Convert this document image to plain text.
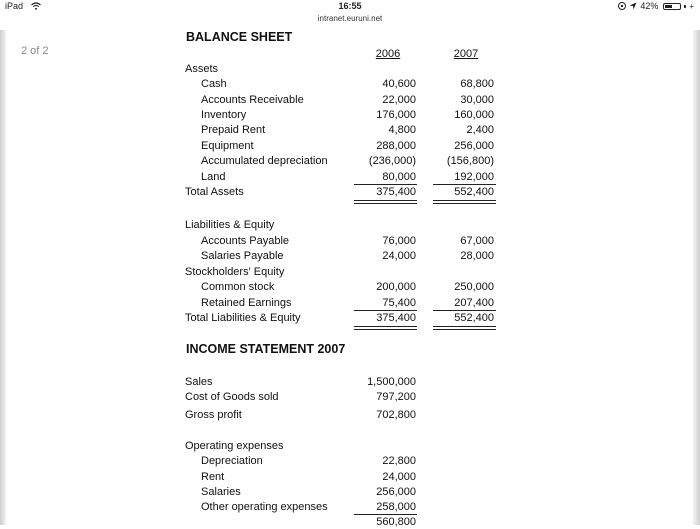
iPad	16:55
intranet.euruni.net
42%	+
2 of 2
BALANCE SHEET
2006	2007
Assets
Cash	40,600	68,800
Accounts Receivable	22,000	30,000
Inventory	176,000	160,000
Prepaid Rent	4,800	2,400
Equipment	288,000	256,000
Accumulated depreciation	(236,000)	(156,800)
Land	80,000	192,000
Total Assets	375,400	552,400
Liabilities & Equity
Accounts Payable	76,000	67,000
Salaries Payable	24,000	28,000
Stockholders' Equity
Common stock	200,000	250,000
Retained Earnings	75,400	207,400
Total Liabilities & Equity	375,400	552,400
INCOME STATEMENT 2007
Sales	1,500,000
Cost of Goods sold	797,200
Gross profit	702,800
Operating expenses
Depreciation	22,800
Rent	24,000
Salaries	256,000
Other operating expenses	258,000
560,800
